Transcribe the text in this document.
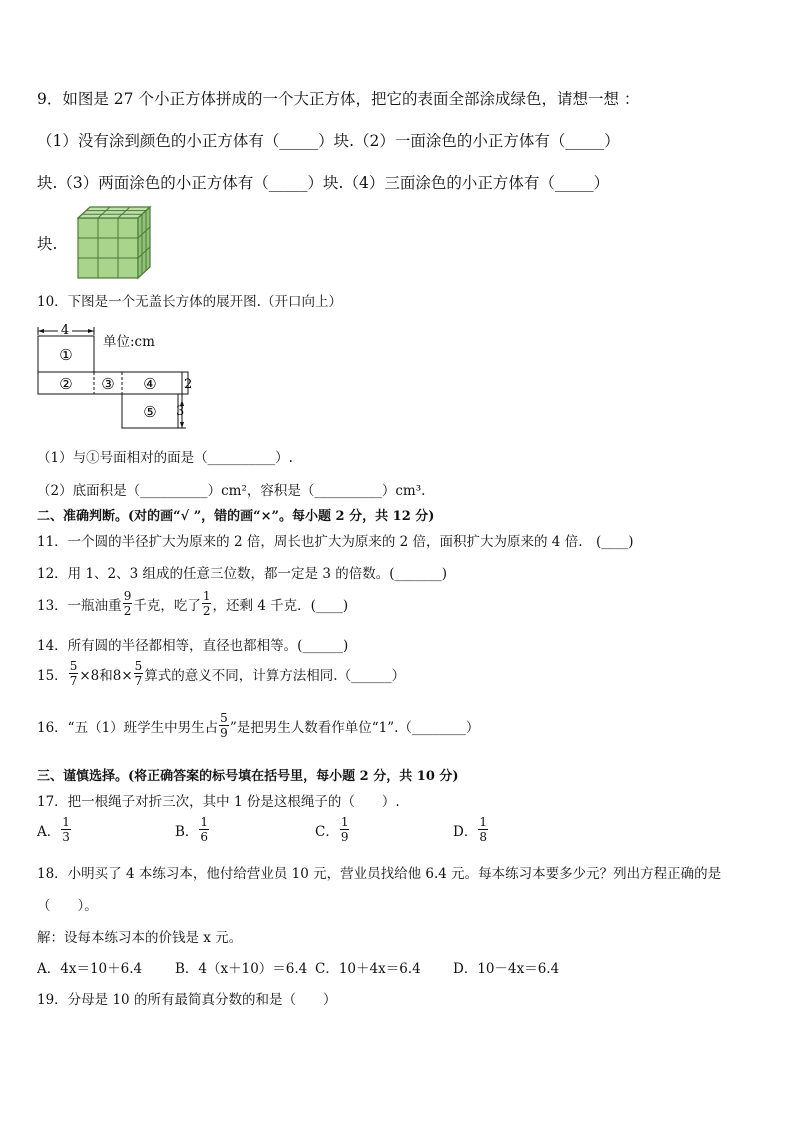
9．如图是 27 个小正方体拼成的一个大正方体，把它的表面全部涂成绿色，请想一想 ：
（1）没有涂到颜色的小正方体有（_____）块.（2）一面涂色的小正方体有（_____）
块.（3）两面涂色的小正方体有（_____）块.（4）三面涂色的小正方体有（_____）
块.
10．下图是一个无盖长方体的展开图.（开口向上）
4
①
② ③ ④
⑤
2
3
单位:cm
（1）与①号面相对的面是（__________）.
（2）底面积是（__________）cm²，容积是（__________）cm³.
二、准确判断。(对的画“√ ”，错的画“×”。每小题 2 分，共 12 分)
11．一个圆的半径扩大为原来的 2 倍，周长也扩大为原来的 2 倍，面积扩大为原来的 4 倍.　(____)
12．用 1、2、3 组成的任意三位数，都一定是 3 的倍数。(_______)
13．一瓶油重 $\frac{9}{2}$ 千克，吃了 $\frac{1}{2}$ ，还剩 4 千克．(____)
14．所有圆的半径都相等，直径也都相等。(______)
15． $\frac{5}{7} \times 8$和$8\times \frac{5}{7}$ 算式的意义不同，计算方法相同.（______）
16．“五（1）班学生中男生占 $\frac{5}{9}$ ”是把男生人数看作单位“1”.（________）
三、谨慎选择。(将正确答案的标号填在括号里，每小题 2 分，共 10 分)
17．把一根绳子对折三次，其中 1 份是这根绳子的（　　）.
A． $\frac{1}{3}$	B． $\frac{1}{6}$	C． $\frac{1}{9}$	D． $\frac{1}{8}$
18．小明买了 4 本练习本，他付给营业员 10 元，营业员找给他 6.4 元。每本练习本要多少元？列出方程正确的是
（　　）。
解：设每本练习本的价钱是 x 元。
A．4x＝10＋6.4 B．4（x＋10）＝6.4 C．10＋4x＝6.4 D．10－4x＝6.4
19．分母是 10 的所有最简真分数的和是（　　）
